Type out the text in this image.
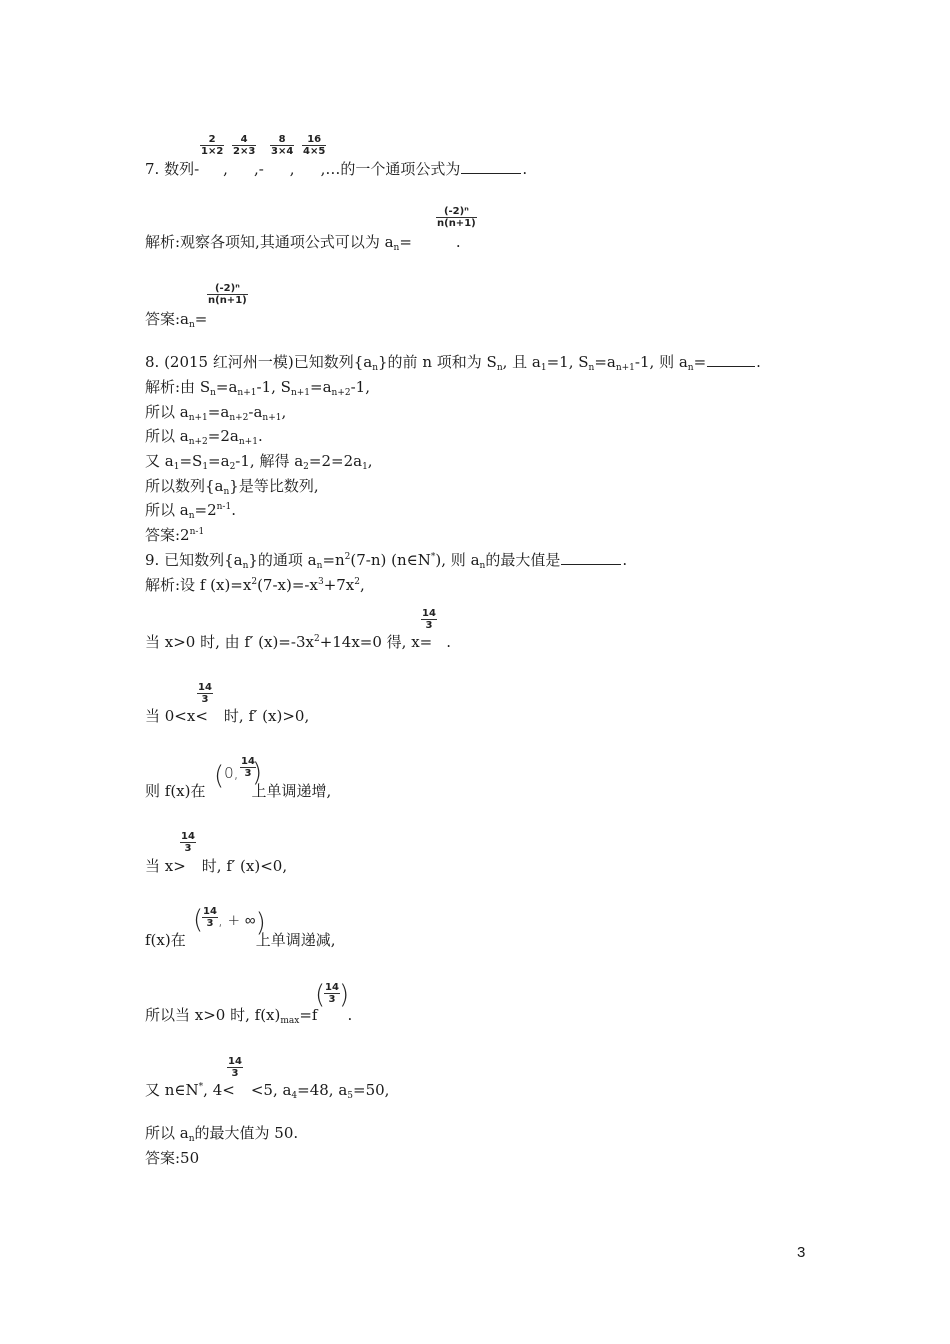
$\frac{2}{1\times 2} \frac{4}{2\times 3} \frac{8}{3\times 4} \frac{16}{4\times 5}$
7. 数列- , ,- , ,…的一个通项公式为	.
$\frac{\text{(-2)ⁿ}}{n(n+1)}$
解析:观察各项知,其通项公式可以为 $a_n=$	.
$\frac{\text{(-2)ⁿ}}{n(n+1)}$
答案$:a_n=$
8. (2015 红河州一模)已知数列$\{a_n\}$的前 n 项和为 $S_n$, 且 $a_1=1$, $S_n=a_{n+1}-1$, 则 $a_n=$	.
解析:由 $S_n=a_{n+1}-1$, $S_{n+1}=a_{n+2}-1$,
所以 $a_{n+1}=a_{n+2}-a_{n+1}$,
所以 $a_{n+2}=2a_{n+1}$.
又 $a_1=S_1=a_2-1$, 解得 $a_2=2=2a_1$,
所以数列$\{a_n\}$是等比数列,
所以 $a_n=2^{n-1}$.
答案:2$^{n-1}$
9. 已知数列$\{a_n\}$的通项 $a_n=n^2(7-n)$ (n∈N*), 则 $a_n$的最大值是	.
解析:设 f $(x)=x^2(7-x)=-x^3+7x^2$,
$\frac{14}{3}$
当 x>0 时, 由 f′ $(x)=-3x^2+14x=0$ 得, x= .
$\frac{14}{3}$
当 0<x< 时, f′ (x)>0,
($^{0,} \frac{14}{3}$
)
则 f(x)在	上单调递增,
$\frac{14}{3}$
当 x> 时, f′ (x)<0,
(
$\frac{14}{3} ^{, + \infty}$)
f(x)在	上单调递减,
(
$\frac{14}{3}$ )
所以当 x>0 时, $f(x)_{max}=f$ .
$\frac{14}{3}$
又 n∈N*, 4< <5, $a_4=48$, $a_5=50$,
所以 $a_n$的最大值为 50.
答案:50
3
